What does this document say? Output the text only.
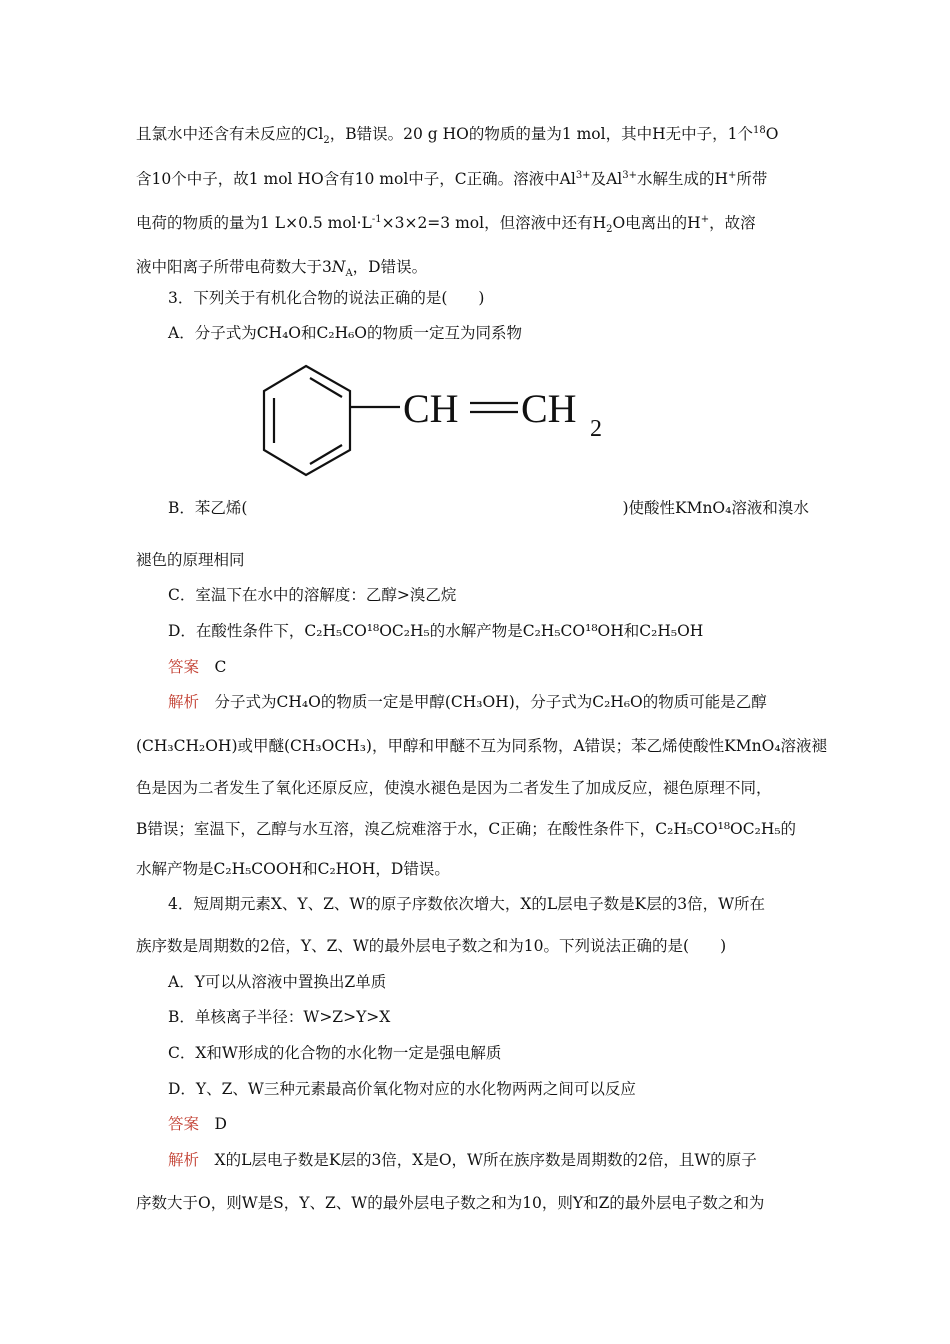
且氯水中还含有未反应的$Cl_2$，B错误。20 g HO的物质的量为1 mol，其中H无中子，1个$^{18}$O
含10个中子，故1 mol HO含有10 mol中子，C正确。溶液中$Al^{3+}$及$Al^{3+}$水解生成的H+所带
电荷的物质的量为1 L×0.5 $mol\cdot L^{-1}\times 3\times 2=3$ mol，但溶液中还有$H_2O$电离出的H+，故溶
液中阳离子所带电荷数大于$3N_A$，D错误。
3．下列关于有机化合物的说法正确的是(　　)
A．分子式为CH₄O和C₂H₆O的物质一定互为同系物
CH CH 2
B．苯乙烯(	)使酸性KMnO₄溶液和溴水
褪色的原理相同
C．室温下在水中的溶解度：乙醇>溴乙烷
D．在酸性条件下，C₂H₅CO¹⁸OC₂H₅的水解产物是C₂H₅CO¹⁸OH和C₂H₅OH
答案　 C
解析　 分子式为CH₄O的物质一定是甲醇(CH₃OH)，分子式为C₂H₆O的物质可能是乙醇
(CH₃CH₂OH)或甲醚(CH₃OCH₃)，甲醇和甲醚不互为同系物，A错误；苯乙烯使酸性KMnO₄溶液褪
色是因为二者发生了氧化还原反应，使溴水褪色是因为二者发生了加成反应，褪色原理不同，
B错误；室温下，乙醇与水互溶，溴乙烷难溶于水，C正确；在酸性条件下，C₂H₅CO¹⁸OC₂H₅的
水解产物是C₂H₅COOH和C₂HOH，D错误。
4．短周期元素X、Y、Z、W的原子序数依次增大，X的L层电子数是K层的3倍，W所在
族序数是周期数的2倍，Y、Z、W的最外层电子数之和为10。下列说法正确的是(　　)
A．Y可以从溶液中置换出Z单质
B．单核离子半径：W>Z>Y>X
C．X和W形成的化合物的水化物一定是强电解质
D．Y、Z、W三种元素最高价氧化物对应的水化物两两之间可以反应
答案　 D
解析　 X的L层电子数是K层的3倍，X是O，W所在族序数是周期数的2倍，且W的原子
序数大于O，则W是S，Y、Z、W的最外层电子数之和为10，则Y和Z的最外层电子数之和为
